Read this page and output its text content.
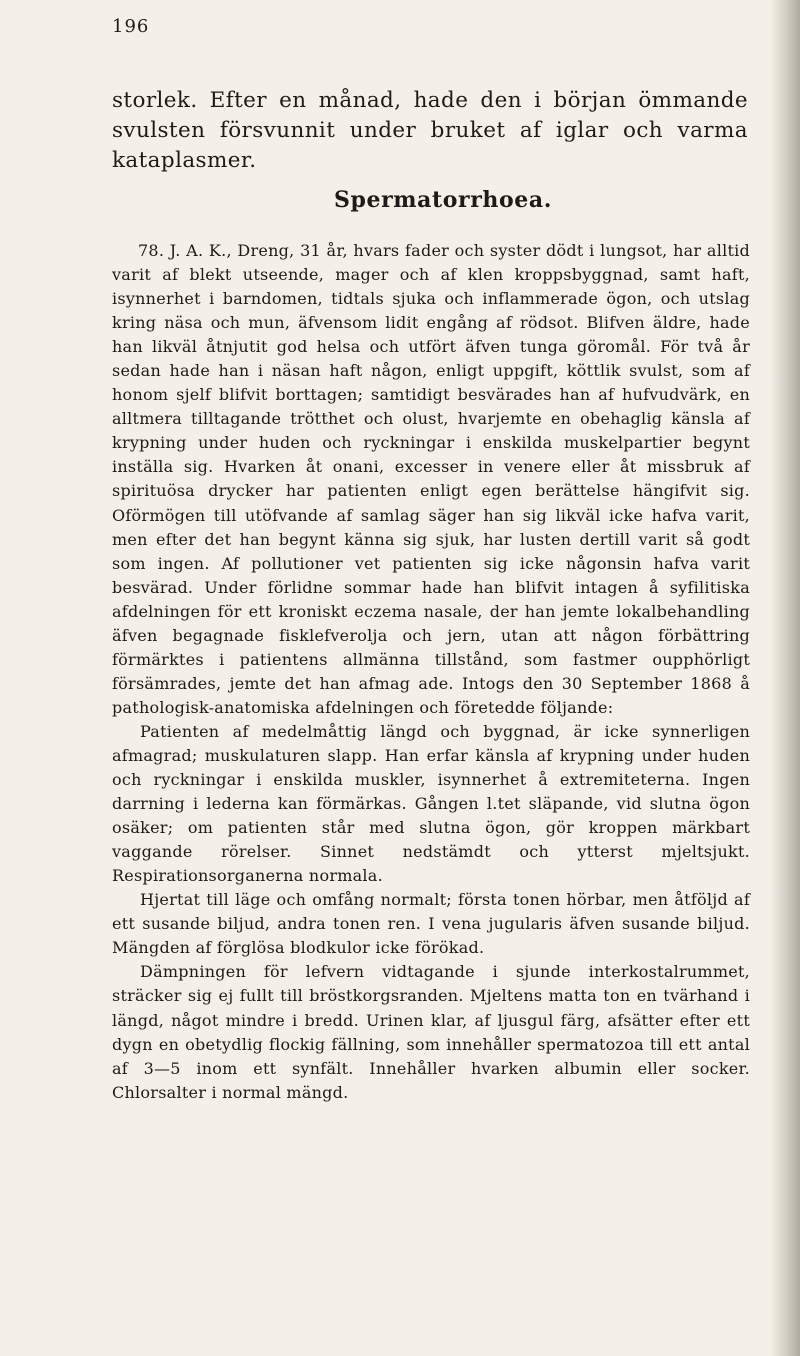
196
storlek. Efter en månad, hade den i början ömmande svulsten försvunnit under bruket af iglar och varma kataplasmer.
Spermatorrhoea.

78. J. A. K., Dreng, 31 år, hvars fader och syster dödt i lungsot, har alltid varit af blekt utseende, mager och af klen kroppsbyggnad, samt haft, isynnerhet i barndomen, tidtals sjuka och inflammerade ögon, och utslag kring näsa och mun, äfvensom lidit engång af rödsot. Blifven äldre, hade han likväl åtnjutit god helsa och utfört äfven tunga göromål. För två år sedan hade han i näsan haft någon, enligt uppgift, köttlik svulst, som af honom sjelf blifvit borttagen; samtidigt besvärades han af hufvudvärk, en alltmera tilltagande trötthet och olust, hvarjemte en obehaglig känsla af krypning under huden och ryckningar i enskilda muskelpartier begynt inställa sig. Hvarken åt onani, excesser in venere eller åt missbruk af spirituösa drycker har patienten enligt egen berättelse hängifvit sig. Oförmögen till utöfvande af samlag säger han sig likväl icke hafva varit, men efter det han begynt känna sig sjuk, har lusten dertill varit så godt som ingen. Af pollutioner vet patienten sig icke någonsin hafva varit besvärad. Under förlidne sommar hade han blifvit intagen å syfilitiska afdelningen för ett kroniskt eczema nasale, der han jemte lokalbehandling äfven begagnade fisklefverolja och jern, utan att någon förbättring förmärktes i patientens allmänna tillstånd, som fastmer oupphörligt försämrades, jemte det han afmag ade. Intogs den 30 September 1868 å pathologisk-anatomiska afdelningen och företedde följande:

Patienten af medelmåttig längd och byggnad, är icke synnerligen afmagrad; muskulaturen slapp. Han erfar känsla af krypning under huden och ryckningar i enskilda muskler, isynnerhet å extremiteterna. Ingen darrning i lederna kan förmärkas. Gången l.tet släpande, vid slutna ögon osäker; om patienten står med slutna ögon, gör kroppen märkbart vaggande rörelser. Sinnet nedstämdt och ytterst mjeltsjukt. Respirationsorganerna normala.

Hjertat till läge och omfång normalt; första tonen hörbar, men åtföljd af ett susande biljud, andra tonen ren. I vena jugularis äfven susande biljud. Mängden af förglösa blodkulor icke förökad.

Dämpningen för lefvern vidtagande i sjunde interkostalrummet, sträcker sig ej fullt till bröstkorgsranden. Mjeltens matta ton en tvärhand i längd, något mindre i bredd. Urinen klar, af ljusgul färg, afsätter efter ett dygn en obetydlig flockig fällning, som innehåller spermatozoa till ett antal af 3—5 inom ett synfält. Innehåller hvarken albumin eller socker. Chlorsalter i normal mängd.
